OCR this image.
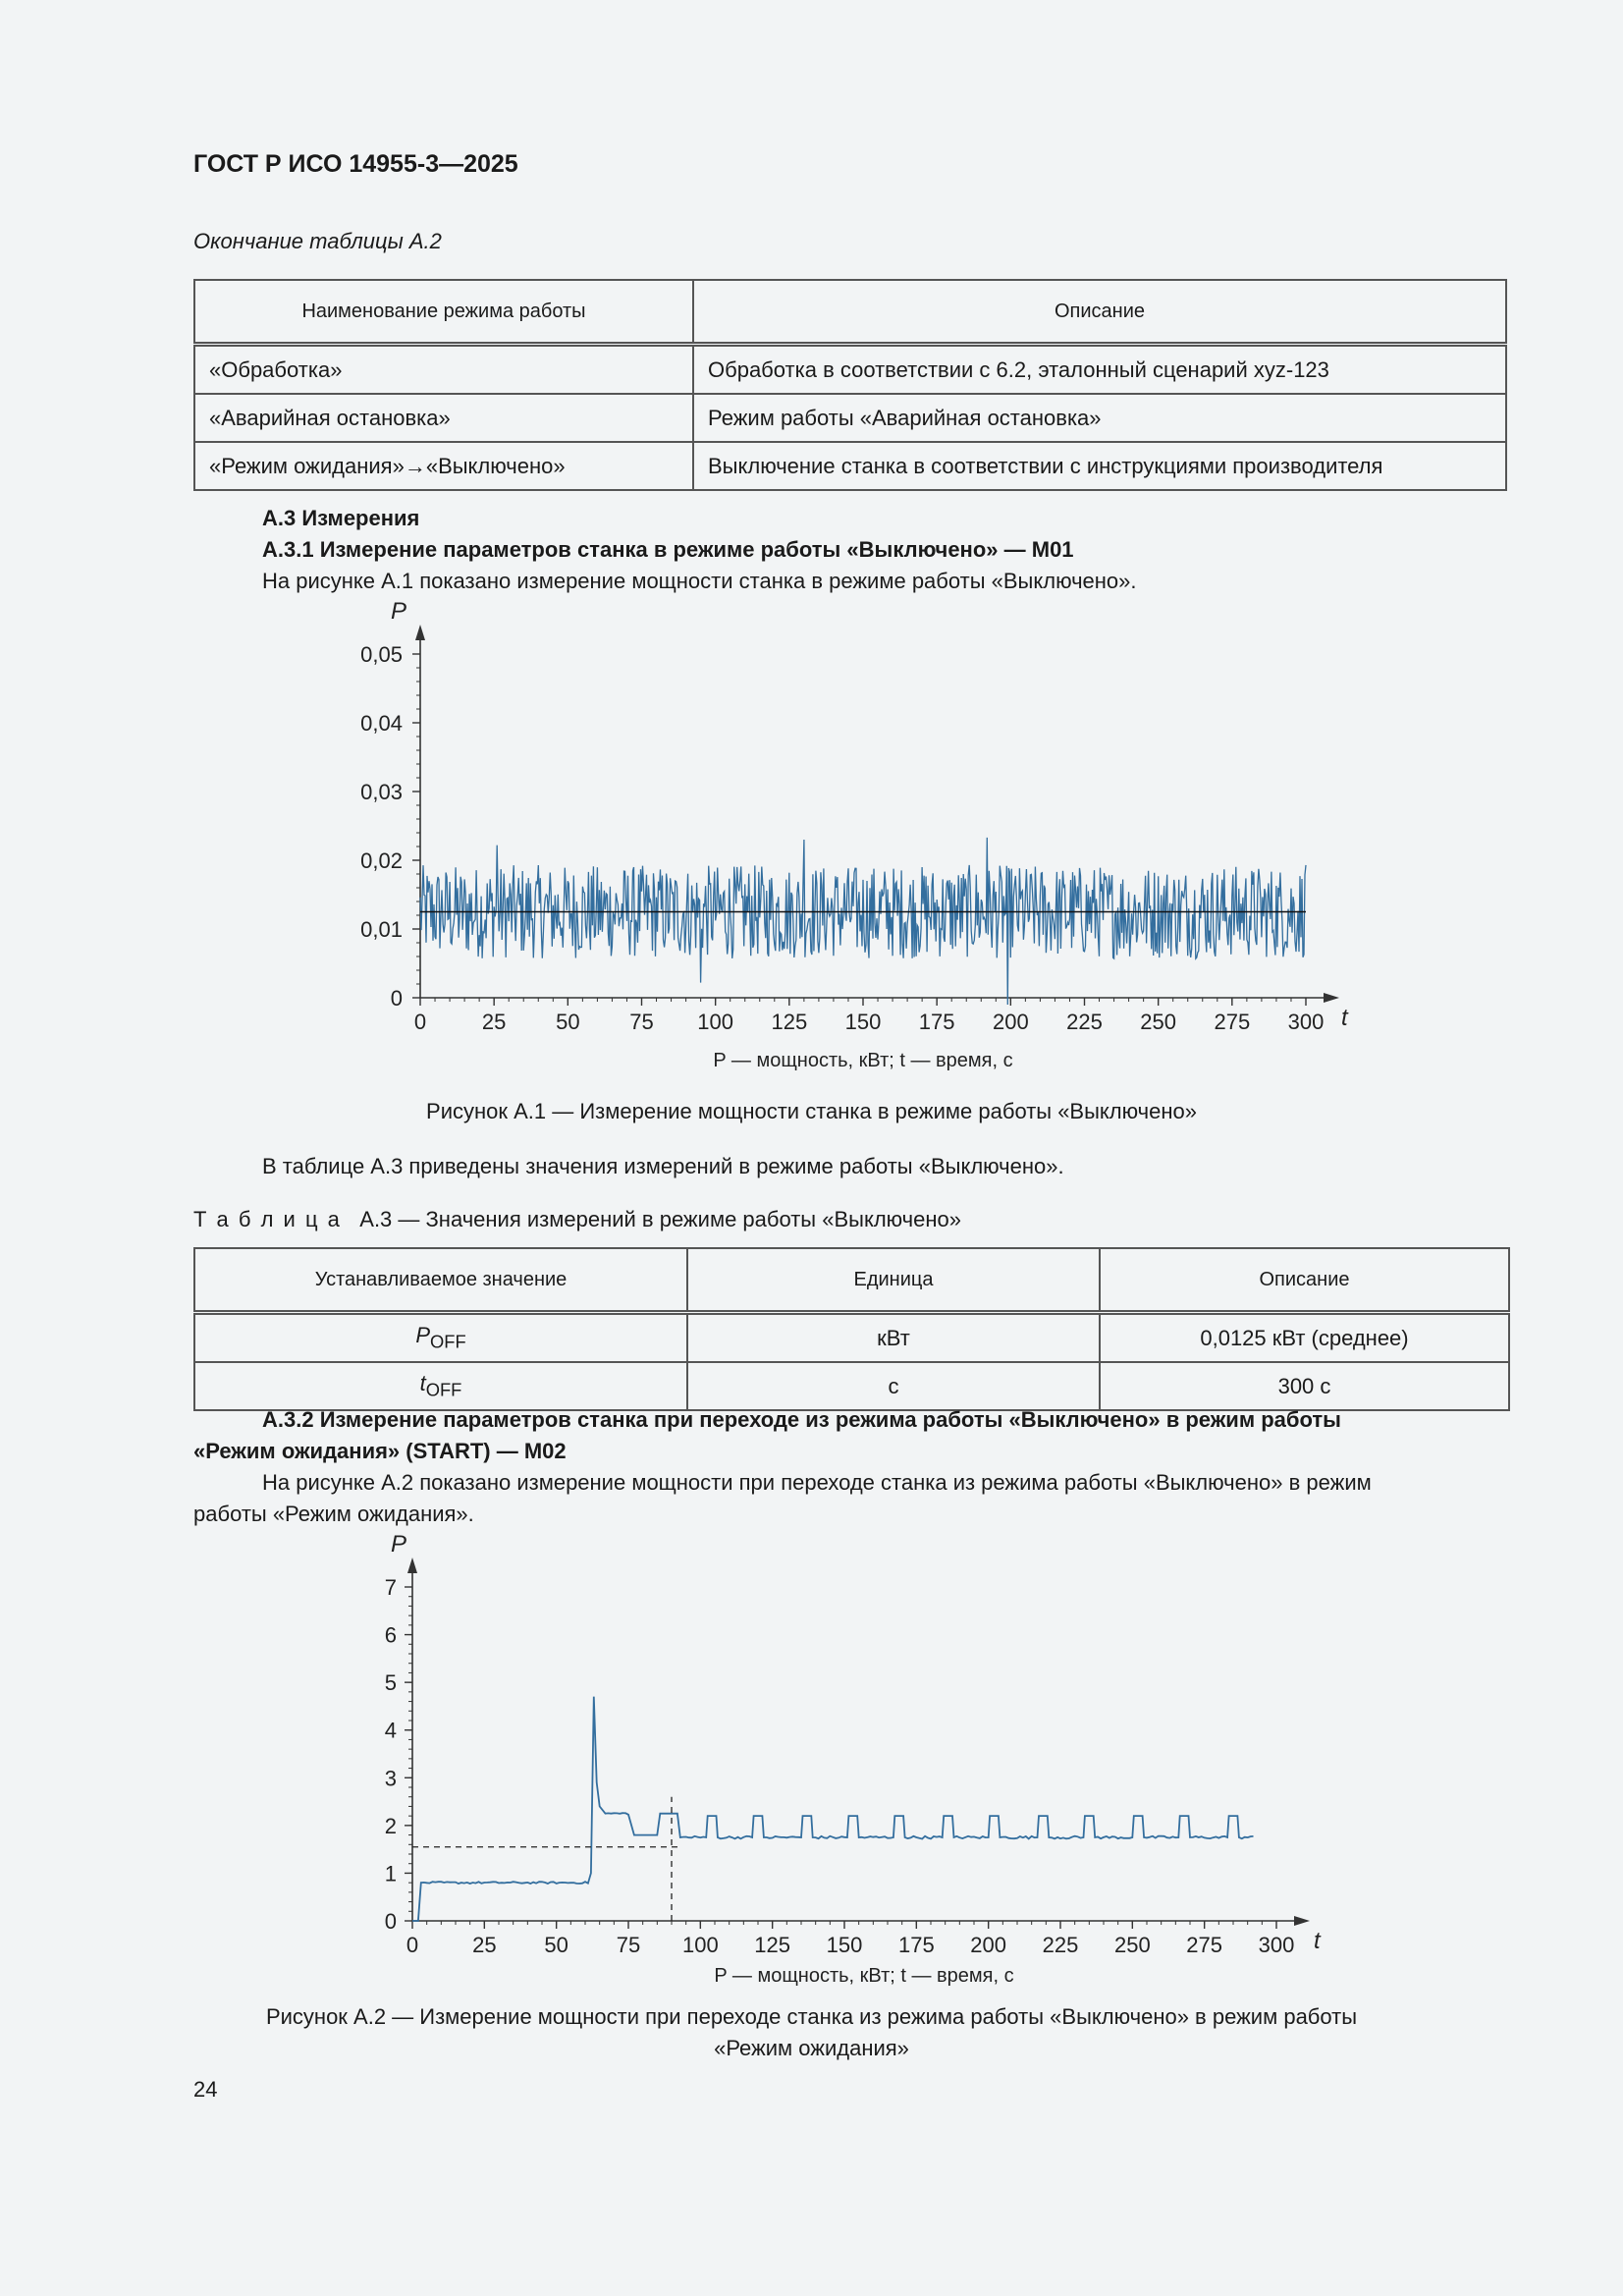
ГОСТ Р ИСО 14955-3—2025
Окончание таблицы А.2
Наименование режима работы	Описание
«Обработка»	Обработка в соответствии с 6.2, эталонный сценарий xyz-123
«Аварийная остановка»	Режим работы «Аварийная остановка»
«Режим ожидания»→«Выключено»	Выключение станка в соответствии с инструкциями производителя
А.3 Измерения
А.3.1 Измерение параметров станка в режиме работы «Выключено» — М01
На рисунке А.1 показано измерение мощности станка в режиме работы «Выключено».
P
t
0
0,01
0,02
0,03
0,04
0,05
0	25 50 75 100 125 150 175 200 225 250 275 300
P — мощность, кВт; t — время, с
Рисунок А.1 — Измерение мощности станка в режиме работы «Выключено»
В таблице А.3 приведены значения измерений в режиме работы «Выключено».
Т а б л и ц а А.3 — Значения измерений в режиме работы «Выключено»
Устанавливаемое значение	Единица	Описание
$P_{OFF}$	кВт	0,0125 кВт (среднее)
$t_{OFF}$	с	300 с
А.3.2 Измерение параметров станка при переходе из режима работы «Выключено» в режим работы
«Режим ожидания» (START) — М02
На рисунке А.2 показано измерение мощности при переходе станка из режима работы «Выключено» в режим
работы «Режим ожидания».
P
t
0
1
2
3
4
5
6
7
0 25 50 75 100 125 150 175 200 225 250 275 300
P — мощность, кВт; t — время, с
Рисунок А.2 — Измерение мощности при переходе станка из режима работы «Выключено» в режим работы
«Режим ожидания»
24
